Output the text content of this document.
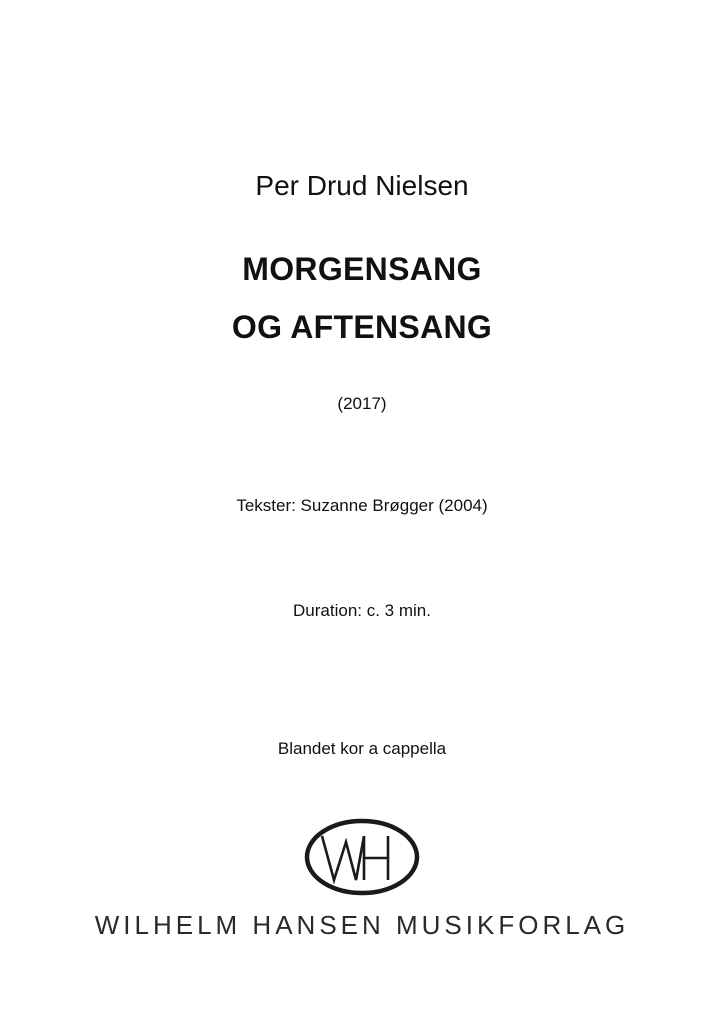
Per Drud Nielsen
MORGENSANG
OG AFTENSANG
(2017)
Tekster: Suzanne Brøgger (2004)
Duration: c. 3 min.
Blandet kor a cappella
WILHELM HANSEN MUSIKFORLAG
